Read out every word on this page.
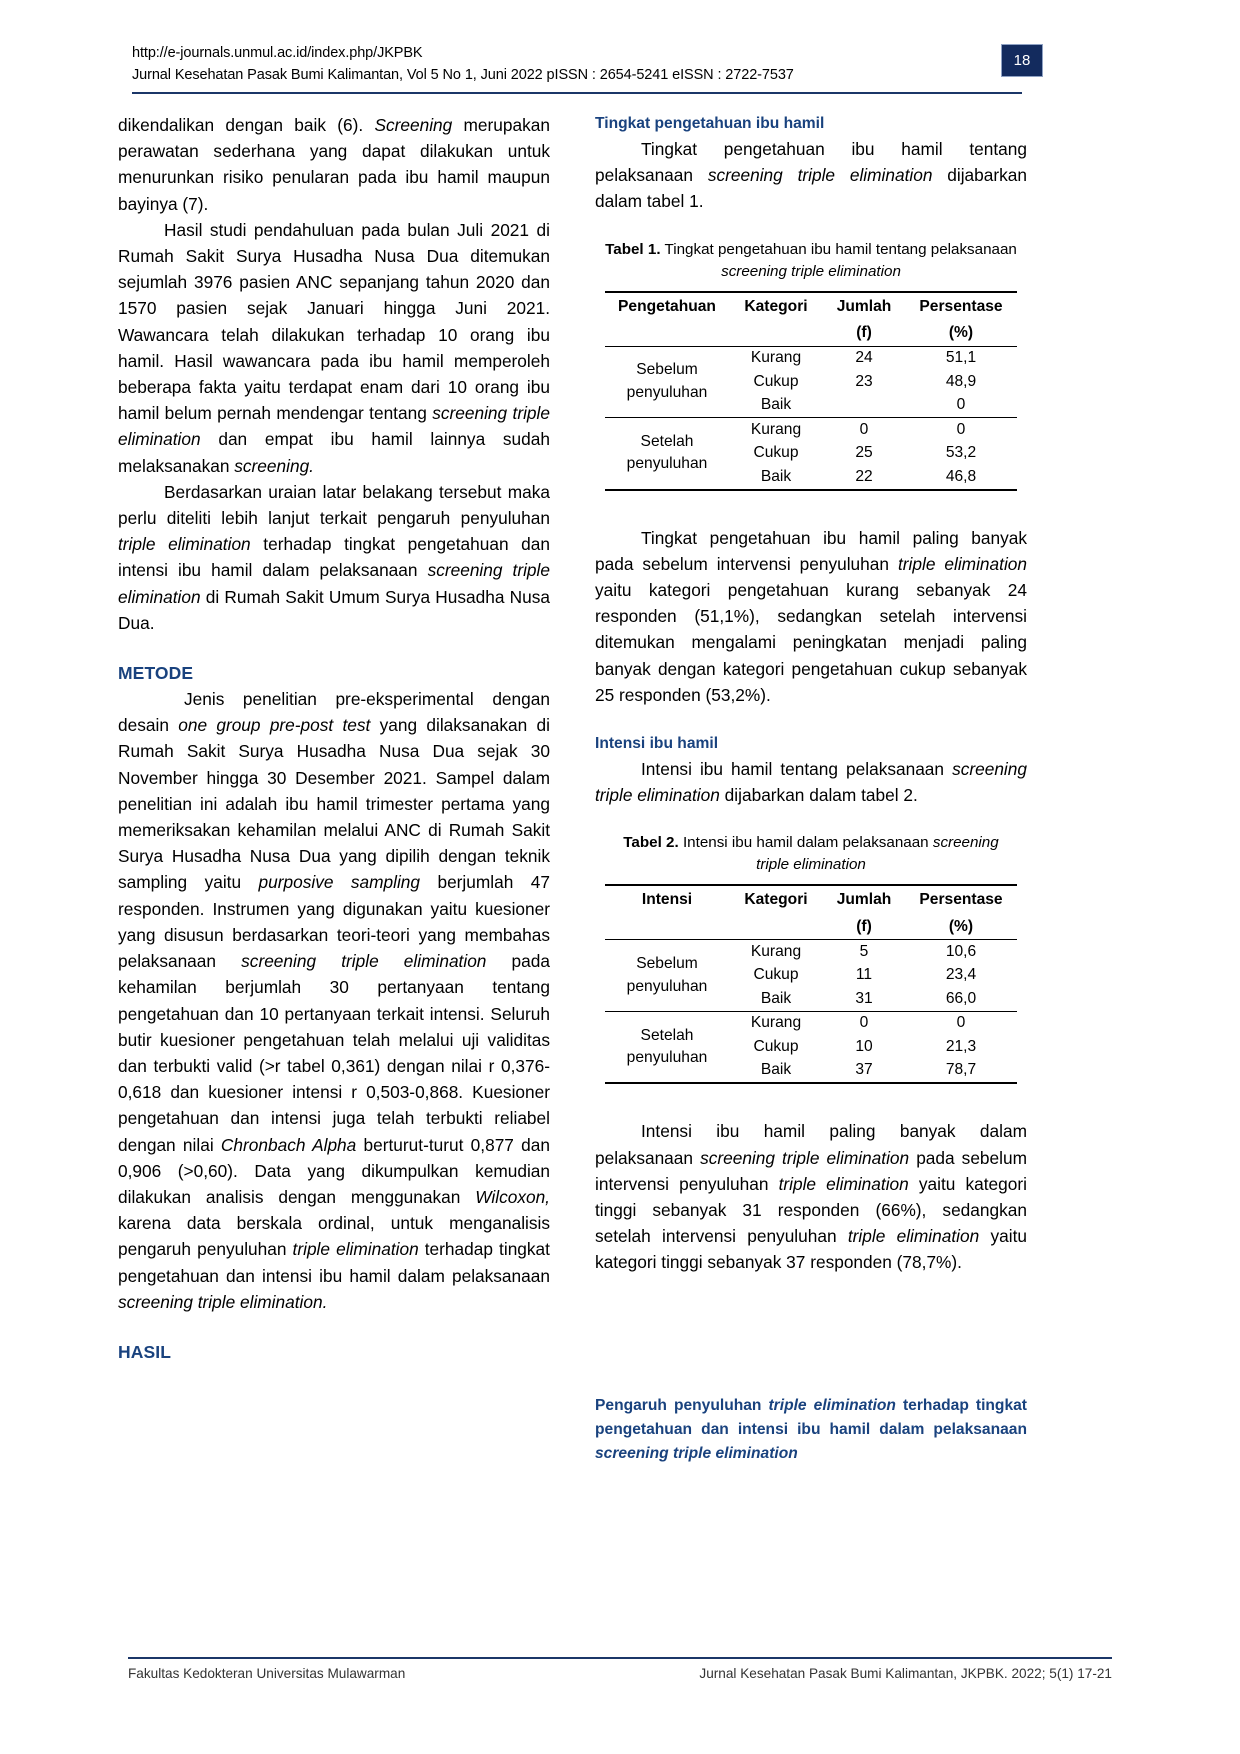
http://e-journals.unmul.ac.id/index.php/JKPBK
Jurnal Kesehatan Pasak Bumi Kalimantan, Vol 5 No 1, Juni 2022 pISSN : 2654-5241 eISSN : 2722-7537
18

dikendalikan dengan baik (6). Screening merupakan perawatan sederhana yang dapat dilakukan untuk menurunkan risiko penularan pada ibu hamil maupun bayinya (7).

Hasil studi pendahuluan pada bulan Juli 2021 di Rumah Sakit Surya Husadha Nusa Dua ditemukan sejumlah 3976 pasien ANC sepanjang tahun 2020 dan 1570 pasien sejak Januari hingga Juni 2021. Wawancara telah dilakukan terhadap 10 orang ibu hamil. Hasil wawancara pada ibu hamil memperoleh beberapa fakta yaitu terdapat enam dari 10 orang ibu hamil belum pernah mendengar tentang screening triple elimination dan empat ibu hamil lainnya sudah melaksanakan screening.

Berdasarkan uraian latar belakang tersebut maka perlu diteliti lebih lanjut terkait pengaruh penyuluhan triple elimination terhadap tingkat pengetahuan dan intensi ibu hamil dalam pelaksanaan screening triple elimination di Rumah Sakit Umum Surya Husadha Nusa Dua.

METODE

Jenis penelitian pre-eksperimental dengan desain one group pre-post test yang dilaksanakan di Rumah Sakit Surya Husadha Nusa Dua sejak 30 November hingga 30 Desember 2021. Sampel dalam penelitian ini adalah ibu hamil trimester pertama yang memeriksakan kehamilan melalui ANC di Rumah Sakit Surya Husadha Nusa Dua yang dipilih dengan teknik sampling yaitu purposive sampling berjumlah 47 responden. Instrumen yang digunakan yaitu kuesioner yang disusun berdasarkan teori-teori yang membahas pelaksanaan screening triple elimination pada kehamilan berjumlah 30 pertanyaan tentang pengetahuan dan 10 pertanyaan terkait intensi. Seluruh butir kuesioner pengetahuan telah melalui uji validitas dan terbukti valid (>r tabel 0,361) dengan nilai r 0,376-0,618 dan kuesioner intensi r 0,503-0,868. Kuesioner pengetahuan dan intensi juga telah terbukti reliabel dengan nilai Chronbach Alpha berturut-turut 0,877 dan 0,906 (>0,60). Data yang dikumpulkan kemudian dilakukan analisis dengan menggunakan Wilcoxon, karena data berskala ordinal, untuk menganalisis pengaruh penyuluhan triple elimination terhadap tingkat pengetahuan dan intensi ibu hamil dalam pelaksanaan screening triple elimination.

HASIL
Tingkat pengetahuan ibu hamil

Tingkat pengetahuan ibu hamil tentang pelaksanaan screening triple elimination dijabarkan dalam tabel 1.

Tabel 1. Tingkat pengetahuan ibu hamil tentang pelaksanaan screening triple elimination
Pengetahuan	Kategori	Jumlah	Persentase
		(f)	(%)
Sebelum
penyuluhan	Kurang	24	51,1
	Cukup	23	48,9
	Baik		0
Setelah
penyuluhan	Kurang	0	0
	Cukup	25	53,2
	Baik	22	46,8

Tingkat pengetahuan ibu hamil paling banyak pada sebelum intervensi penyuluhan triple elimination yaitu kategori pengetahuan kurang sebanyak 24 responden (51,1%), sedangkan setelah intervensi ditemukan mengalami peningkatan menjadi paling banyak dengan kategori pengetahuan cukup sebanyak 25 responden (53,2%).

Intensi ibu hamil

Intensi ibu hamil tentang pelaksanaan screening triple elimination dijabarkan dalam tabel 2.

Tabel 2. Intensi ibu hamil dalam pelaksanaan screening triple elimination
Intensi	Kategori	Jumlah	Persentase
		(f)	(%)
Sebelum
penyuluhan	Kurang	5	10,6
	Cukup	11	23,4
	Baik	31	66,0
Setelah
penyuluhan	Kurang	0	0
	Cukup	10	21,3
	Baik	37	78,7

Intensi ibu hamil paling banyak dalam pelaksanaan screening triple elimination pada sebelum intervensi penyuluhan triple elimination yaitu kategori tinggi sebanyak 31 responden (66%), sedangkan setelah intervensi penyuluhan triple elimination yaitu kategori tinggi sebanyak 37 responden (78,7%).

Pengaruh penyuluhan triple elimination terhadap tingkat pengetahuan dan intensi ibu hamil dalam pelaksanaan screening triple elimination
Fakultas Kedokteran Universitas Mulawarman	Jurnal Kesehatan Pasak Bumi Kalimantan, JKPBK. 2022; 5(1) 17-21
